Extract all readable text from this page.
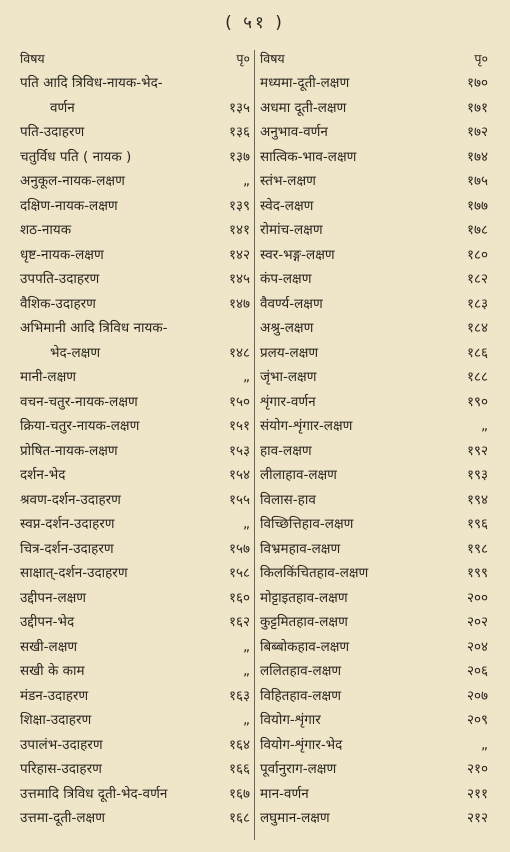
( ५१ )
विषय	पृ०
पति आदि त्रिविध-नायक-भेद-
वर्णन	१३५
पति-उदाहरण	१३६
चतुर्विध पति ( नायक )	१३७
अनुकूल-नायक-लक्षण	„
दक्षिण-नायक-लक्षण	१३९
शठ-नायक	१४१
धृष्ट-नायक-लक्षण	१४२
उपपति-उदाहरण	१४५
वैशिक-उदाहरण	१४७
अभिमानी आदि त्रिविध नायक-
भेद-लक्षण	१४८
मानी-लक्षण	„
वचन-चतुर-नायक-लक्षण	१५०
क्रिया-चतुर-नायक-लक्षण	१५१
प्रोषित-नायक-लक्षण	१५३
दर्शन-भेद	१५४
श्रवण-दर्शन-उदाहरण	१५५
स्वप्न-दर्शन-उदाहरण	„
चित्र-दर्शन-उदाहरण	१५७
साक्षात्-दर्शन-उदाहरण	१५८
उद्दीपन-लक्षण	१६०
उद्दीपन-भेद	१६२
सखी-लक्षण	„
सखी के काम	„
मंडन-उदाहरण	१६३
शिक्षा-उदाहरण	„
उपालंभ-उदाहरण	१६४
परिहास-उदाहरण	१६६
उत्तमादि त्रिविध दूती-भेद-वर्णन	१६७
उत्तमा-दूती-लक्षण	१६८
विषय	पृ०
मध्यमा-दूती-लक्षण	१७०
अधमा दूती-लक्षण	१७१
अनुभाव-वर्णन	१७२
सात्विक-भाव-लक्षण	१७४
स्तंभ-लक्षण	१७५
स्वेद-लक्षण	१७७
रोमांच-लक्षण	१७८
स्वर-भङ्ग-लक्षण	१८०
कंप-लक्षण	१८२
वैवर्ण्य-लक्षण	१८३
अश्रु-लक्षण	१८४
प्रलय-लक्षण	१८६
जृंभा-लक्षण	१८८
शृंगार-वर्णन	१९०
संयोग-शृंगार-लक्षण	„
हाव-लक्षण	१९२
लीलाहाव-लक्षण	१९३
विलास-हाव	१९४
विच्छित्तिहाव-लक्षण	१९६
विभ्रमहाव-लक्षण	१९८
किलकिंचितहाव-लक्षण	१९९
मोट्टाइतहाव-लक्षण	२००
कुट्टमितहाव-लक्षण	२०२
बिब्बोकहाव-लक्षण	२०४
ललितहाव-लक्षण	२०६
विहितहाव-लक्षण	२०७
वियोग-शृंगार	२०९
वियोग-शृंगार-भेद	„
पूर्वानुराग-लक्षण	२१०
मान-वर्णन	२११
लघुमान-लक्षण	२१२
